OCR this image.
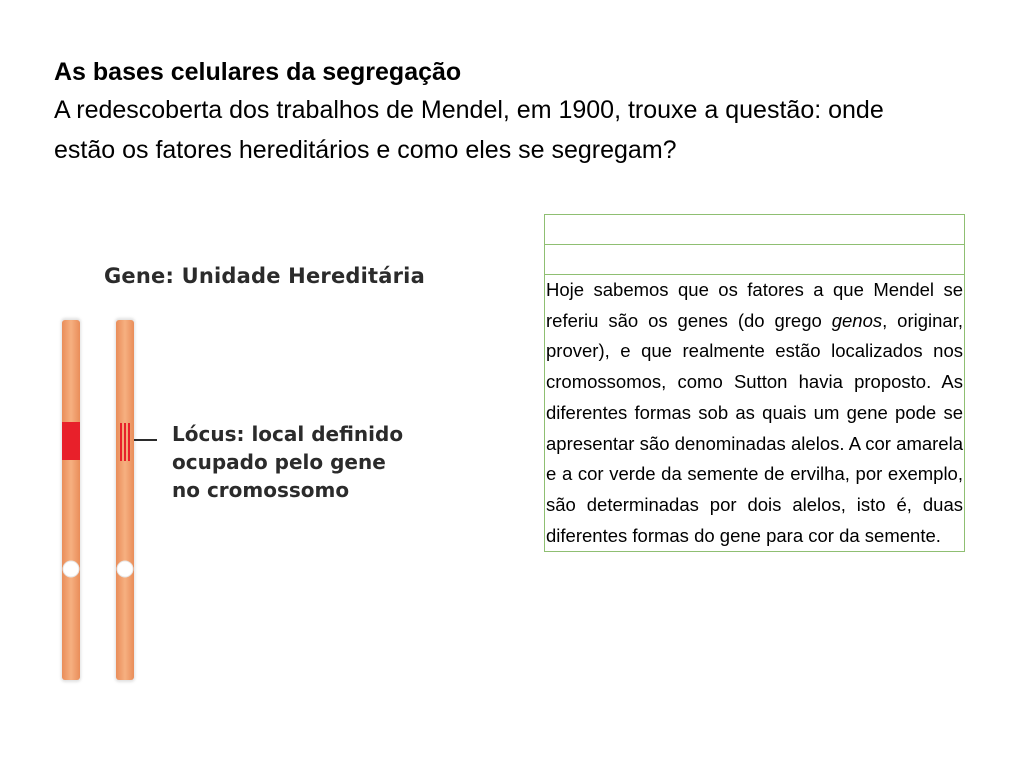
As bases celulares da segregação

A redescoberta dos trabalhos de Mendel, em 1900, trouxe a questão: onde estão os fatores hereditários e como eles se segregam?

Gene: Unidade Hereditária
Lócus: local definido
ocupado pelo gene
no cromossomo

Hoje sabemos que os fatores a que Mendel se referiu são os genes (do grego genos, originar, prover), e que realmente estão localizados nos cromossomos, como Sutton havia proposto. As diferentes formas sob as quais um gene pode se apresentar são denominadas alelos. A cor amarela e a cor verde da semente de ervilha, por exemplo, são determinadas por dois alelos, isto é, duas diferentes formas do gene para cor da semente.
